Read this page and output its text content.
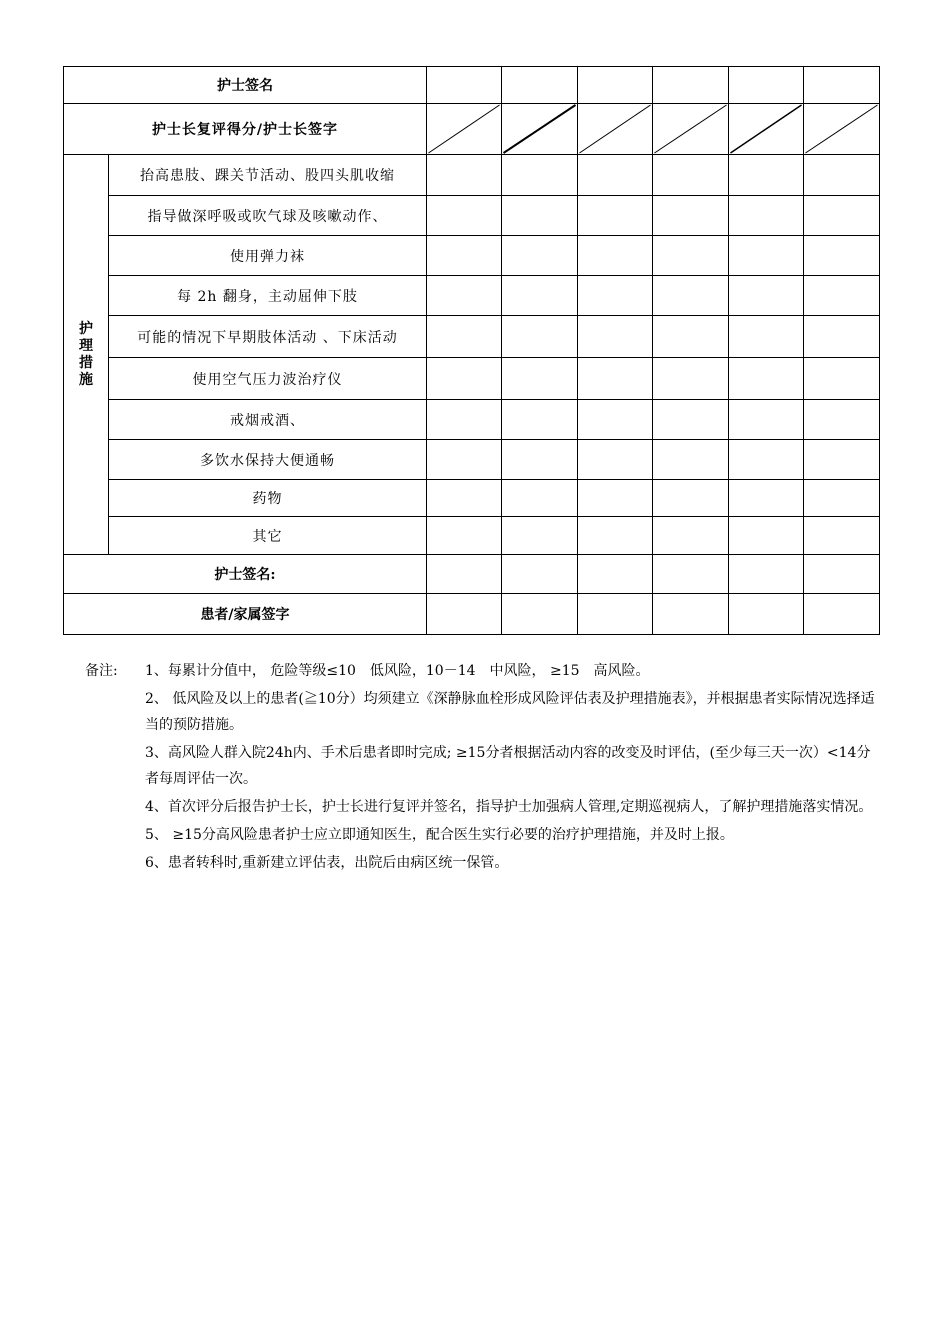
护士签名							
护士长复评得分/护士长签字	

护理措施	抬高患肢、踝关节活动、股四头肌收缩						
	指导做深呼吸或吹气球及咳嗽动作、						
	使用弹力袜						
	每 2h 翻身，主动屈伸下肢						
	可能的情况下早期肢体活动 、下床活动						
	使用空气压力波治疗仪						
	戒烟戒酒、						
	多饮水保持大便通畅						
	药物						
	其它						
护士签名:							
患者/家属签字							
备注: 1、每累计分值中， 危险等级≤10　低风险，10－14　中风险， ≥15　高风险。

2、 低风险及以上的患者(≧10分）均须建立《深静脉血栓形成风险评估表及护理措施表》，并根据患者实际情况选择适当的预防措施。

3、高风险人群入院24h内、手术后患者即时完成; ≥15分者根据活动内容的改变及时评估，(至少每三天一次）<14分者每周评估一次。

4、首次评分后报告护士长，护士长进行复评并签名，指导护士加强病人管理,定期巡视病人，了解护理措施落实情况。

5、 ≥15分高风险患者护士应立即通知医生，配合医生实行必要的治疗护理措施，并及时上报。

6、患者转科时,重新建立评估表，出院后由病区统一保管。
